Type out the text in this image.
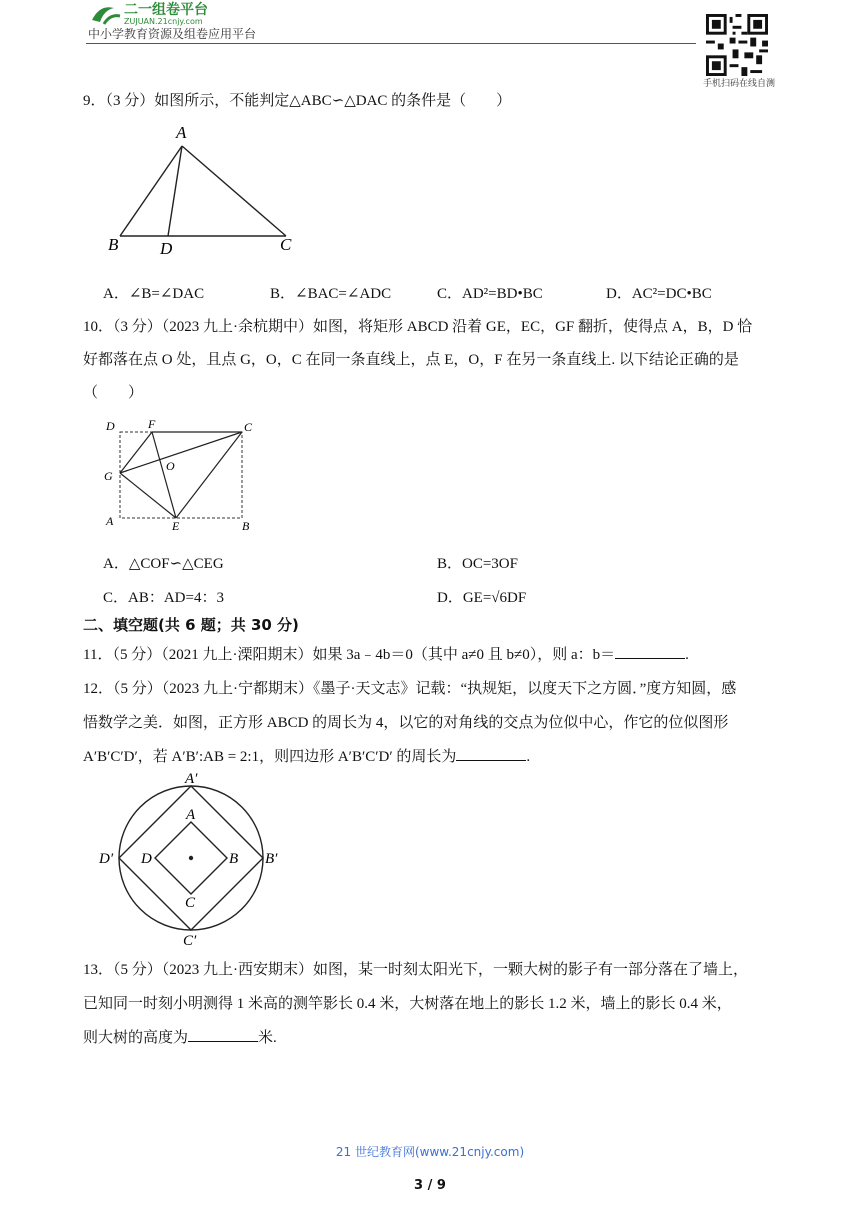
二一组卷平台
ZUJUAN.21cnjy.com
中小学教育资源及组卷应用平台
手机扫码在线自测
9．（3 分）如图所示，不能判定△ABC∽△DAC 的条件是（　　）
A
B D	C
A．∠B=∠DAC	B．∠BAC=∠ADC	C．AD²=BD•BC	D．AC²=DC•BC
10．（3 分）（2023 九上·余杭期中）如图，将矩形 ABCD 沿着 GE，EC，GF 翻折，使得点 A，B，D 恰
好都落在点 O 处，且点 G，O，C 在同一条直线上，点 E，O，F 在另一条直线上. 以下结论正确的是
（　　）
D	F	C
G
O
A	E	B
A．△COF∽△CEG	B．OC=3OF
C．AB：AD=4：3	D．GE=√6DF
二、填空题(共 6 题；共 30 分)
11．（5 分）（2021 九上·溧阳期末）如果 3a﹣4b＝0（其中 a≠0 且 b≠0），则 a：b＝	.
12．（5 分）（2023 九上·宁都期末）《墨子·天文志》记载：“执规矩，以度天下之方圆．”度方知圆，感
悟数学之美．如图，正方形 ABCD 的周长为 4，以它的对角线的交点为位似中心，作它的位似图形
A′B′C′D′，若 A′B′:AB = 2:1，则四边形 A′B′C′D′ 的周长为	.
A′
A
D′ D	B B′
C
C′
13．（5 分）（2023 九上·西安期末）如图，某一时刻太阳光下，一颗大树的影子有一部分落在了墙上，
已知同一时刻小明测得 1 米高的测竿影长 0.4 米，大树落在地上的影长 1.2 米，墙上的影长 0.4 米，
则大树的高度为	米.
21 世纪教育网(www.21cnjy.com)
3 / 9
